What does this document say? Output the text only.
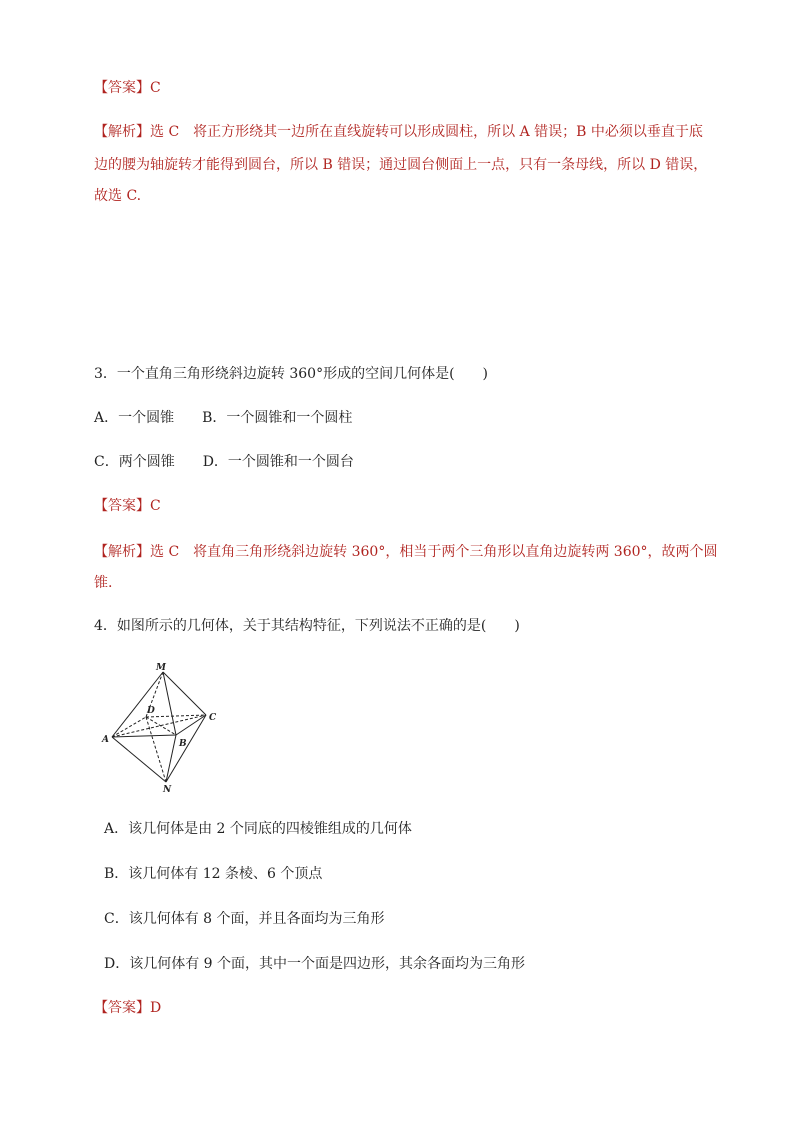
【答案】C
【解析】选 C　将正方形绕其一边所在直线旋转可以形成圆柱，所以 A 错误；B 中必须以垂直于底
边的腰为轴旋转才能得到圆台，所以 B 错误；通过圆台侧面上一点，只有一条母线，所以 D 错误，
故选 C.
3．一个直角三角形绕斜边旋转 360°形成的空间几何体是(　　)
A．一个圆锥　　B．一个圆锥和一个圆柱
C．两个圆锥　　D．一个圆锥和一个圆台
【答案】C
【解析】选 C　将直角三角形绕斜边旋转 360°，相当于两个三角形以直角边旋转两 360°，故两个圆
锥.
4．如图所示的几何体，关于其结构特征，下列说法不正确的是(　　)
M
D
C
A	B
N
A．该几何体是由 2 个同底的四棱锥组成的几何体
B．该几何体有 12 条棱、6 个顶点
C．该几何体有 8 个面，并且各面均为三角形
D．该几何体有 9 个面，其中一个面是四边形，其余各面均为三角形
【答案】D
